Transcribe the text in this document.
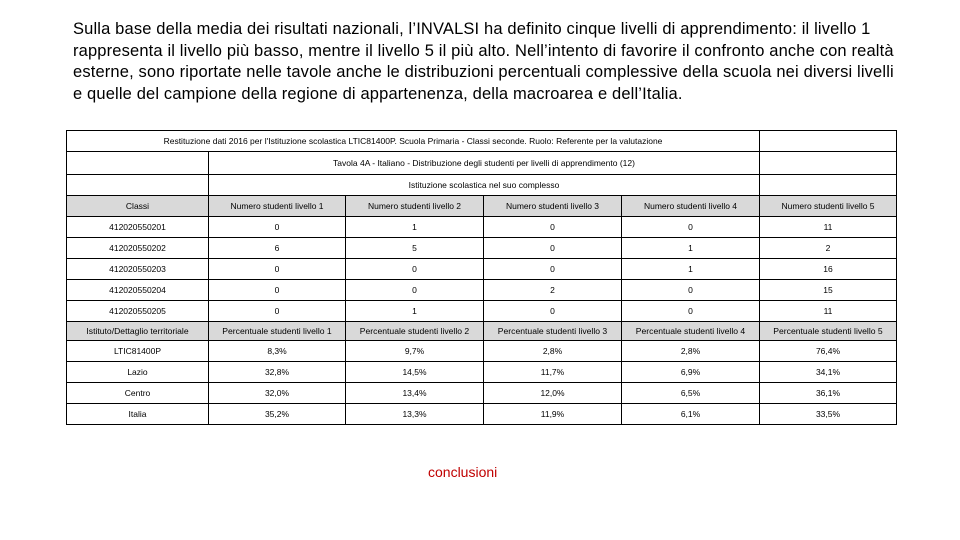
Sulla base della media dei risultati nazionali, l’INVALSI ha definito cinque livelli di apprendimento: il livello 1 rappresenta il livello più basso, mentre il livello 5 il più alto. Nell’intento di favorire il confronto anche con realtà esterne, sono riportate nelle tavole anche le distribuzioni percentuali complessive della scuola nei diversi livelli e quelle del campione della regione di appartenenza, della macroarea e dell’Italia.

Restituzione dati 2016 per l'Istituzione scolastica LTIC81400P. Scuola Primaria - Classi seconde. Ruolo: Referente per la valutazione					
	Tavola 4A - Italiano - Distribuzione degli studenti per livelli di apprendimento (12)				
	Istituzione scolastica nel suo complesso				
Classi	Numero studenti livello 1	Numero studenti livello 2	Numero studenti livello 3	Numero studenti livello 4	Numero studenti livello 5
412020550201	0	1	0	0	11
412020550202	6	5	0	1	2
412020550203	0	0	0	1	16
412020550204	0	0	2	0	15
412020550205	0	1	0	0	11
Istituto/Dettaglio territoriale	Percentuale studenti livello 1	Percentuale studenti livello 2	Percentuale studenti livello 3	Percentuale studenti livello 4	Percentuale studenti livello 5
LTIC81400P	8,3%	9,7%	2,8%	2,8%	76,4%
Lazio	32,8%	14,5%	11,7%	6,9%	34,1%
Centro	32,0%	13,4%	12,0%	6,5%	36,1%
Italia	35,2%	13,3%	11,9%	6,1%	33,5%

conclusioni
